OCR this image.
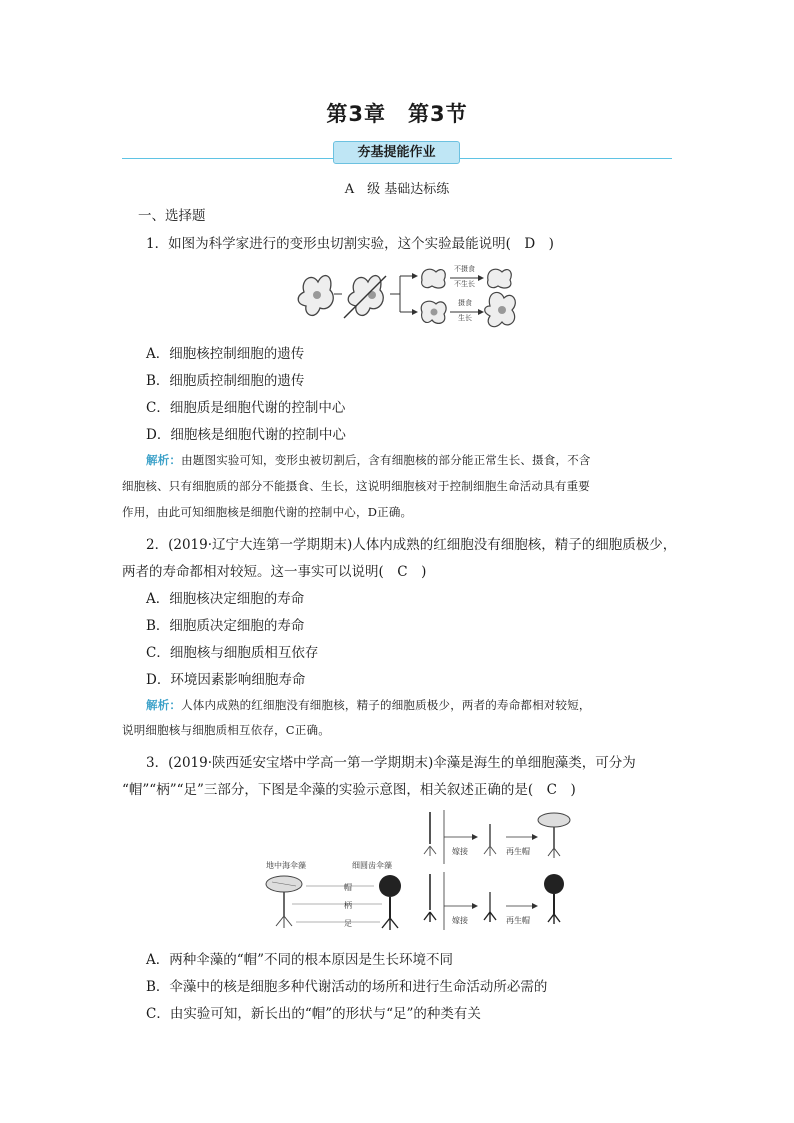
第3章 第3节
夯基提能作业
A　级 基础达标练
一、选择题
1．如图为科学家进行的变形虫切割实验，这个实验最能说明(　D　)
不摄食
不生长
摄食
生长
A．细胞核控制细胞的遗传
B．细胞质控制细胞的遗传
C．细胞质是细胞代谢的控制中心
D．细胞核是细胞代谢的控制中心
解析：由题图实验可知，变形虫被切割后，含有细胞核的部分能正常生长、摄食，不含
细胞核、只有细胞质的部分不能摄食、生长，这说明细胞核对于控制细胞生命活动具有重要
作用，由此可知细胞核是细胞代谢的控制中心，D正确。
2．(2019·辽宁大连第一学期期末)人体内成熟的红细胞没有细胞核，精子的细胞质极少，
两者的寿命都相对较短。这一事实可以说明(　C　)
A．细胞核决定细胞的寿命
B．细胞质决定细胞的寿命
C．细胞核与细胞质相互依存
D．环境因素影响细胞寿命
解析：人体内成熟的红细胞没有细胞核，精子的细胞质极少，两者的寿命都相对较短，
说明细胞核与细胞质相互依存，C正确。
3．(2019·陕西延安宝塔中学高一第一学期期末)伞藻是海生的单细胞藻类，可分为
“帽”“柄”“足”三部分，下图是伞藻的实验示意图，相关叙述正确的是(　C　)
地中海伞藻	细圆齿伞藻
帽
柄
足
嫁接	再生帽
嫁接	再生帽
A．两种伞藻的“帽”不同的根本原因是生长环境不同
B．伞藻中的核是细胞多种代谢活动的场所和进行生命活动所必需的
C．由实验可知，新长出的“帽”的形状与“足”的种类有关
